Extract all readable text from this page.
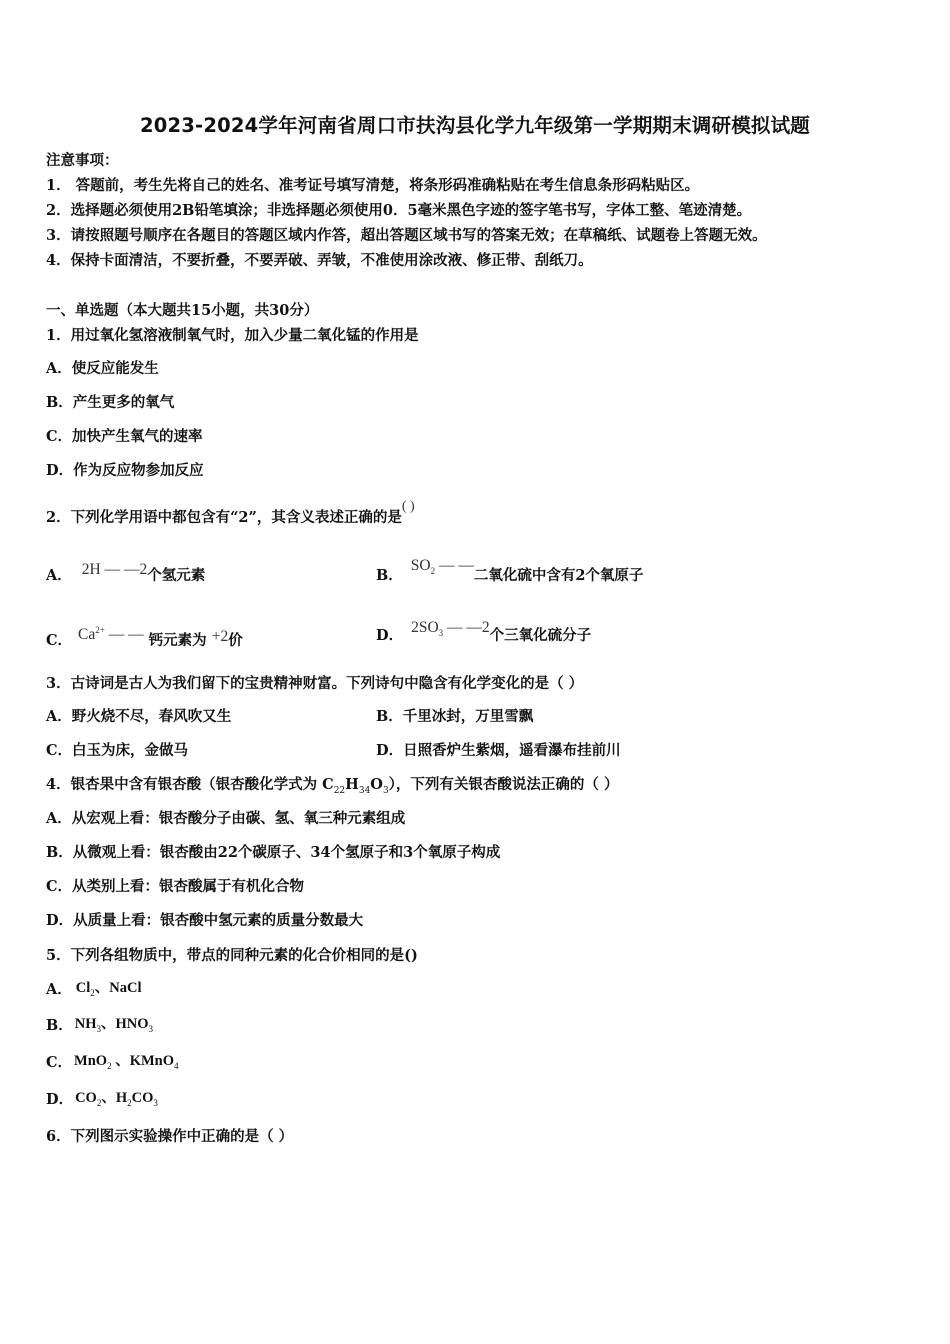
2023-2024学年河南省周口市扶沟县化学九年级第一学期期末调研模拟试题
注意事项：
1． 答题前，考生先将自己的姓名、准考证号填写清楚，将条形码准确粘贴在考生信息条形码粘贴区。
2．选择题必须使用2B铅笔填涂；非选择题必须使用0．5毫米黑色字迹的签字笔书写，字体工整、笔迹清楚。
3．请按照题号顺序在各题目的答题区域内作答，超出答题区域书写的答案无效；在草稿纸、试题卷上答题无效。
4．保持卡面清洁，不要折叠，不要弄破、弄皱，不准使用涂改液、修正带、刮纸刀。
一、单选题（本大题共15小题，共30分）
1．用过氧化氢溶液制氧气时，加入少量二氧化锰的作用是
A．使反应能发生
B．产生更多的氧气
C．加快产生氧气的速率
D．作为反应物参加反应
2．下列化学用语中都包含有“2”，其含义表述正确的是( )
A． 2H — —2个氢元素	B．$SO_2$ — —二氧化硫中含有2个氧原子
C． $Ca^{2+}$ — — 钙元素为 +2价	D． $2SO_3$ — —2个三氧化硫分子
3．古诗词是古人为我们留下的宝贵精神财富。下列诗句中隐含有化学变化的是（ ）
A．野火烧不尽，春风吹又生	B．千里冰封，万里雪飘
C．白玉为床，金做马	D．日照香炉生紫烟，遥看瀑布挂前川
4．银杏果中含有银杏酸（银杏酸化学式为 $C_{22}H_{34}O_3$），下列有关银杏酸说法正确的（ ）
A．从宏观上看：银杏酸分子由碳、氢、氧三种元素组成
B．从微观上看：银杏酸由22个碳原子、34个氢原子和3个氧原子构成
C．从类别上看：银杏酸属于有机化合物
D．从质量上看：银杏酸中氢元素的质量分数最大
5．下列各组物质中，带点的同种元素的化合价相同的是()
A． $Cl_2$、NaCl
B． $NH_3$、$HNO_3$
C． MnO$_2$ 、KMnO$_4$
D． $CO_2$、$H_2CO_3$
6．下列图示实验操作中正确的是（ ）
